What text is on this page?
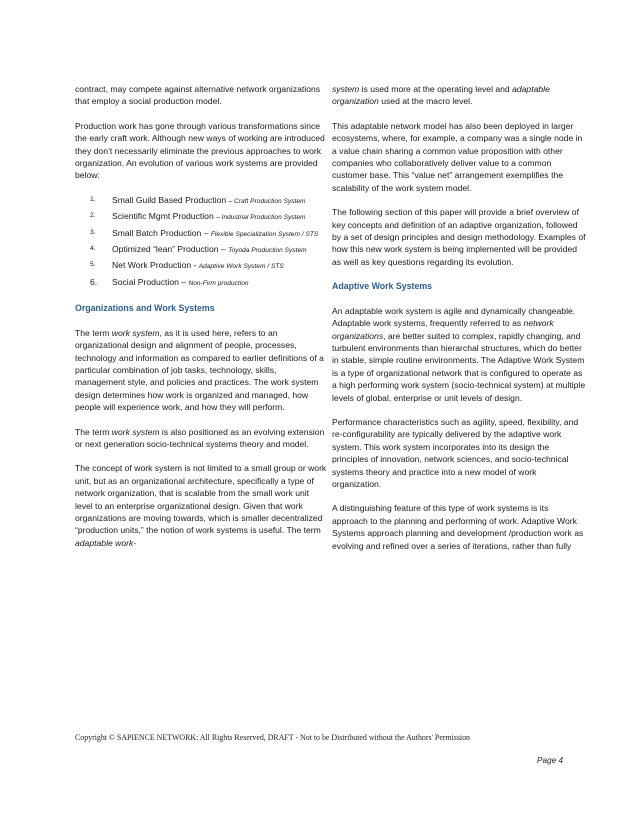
contract, may compete against alternative network organizations that employ a social production model.

Production work has gone through various transformations since the early craft work. Although new ways of working are introduced they don’t necessarily eliminate the previous approaches to work organization. An evolution of various work systems are provided below:

1. Small Guild Based Production – Craft Production System
2. Scientific Mgmt Production – Industrial Production System
3. Small Batch Production – Flexible Specialization System / STS
4. Optimized “lean” Production – Toyoda Production System
5. Net Work Production - Adaptive Work System / STS
6. Social Production – Non-Firm production
Organizations and Work Systems

The term work system, as it is used here, refers to an organizational design and alignment of people, processes, technology and information as compared to earlier definitions of a particular combination of job tasks, technology, skills, management style, and policies and practices. The work system design determines how work is organized and managed, how people will experience work, and how they will perform.

The term work system is also positioned as an evolving extension or next generation socio-technical systems theory and model.

The concept of work system is not limited to a small group or work unit, but as an organizational architecture, specifically a type of network organization, that is scalable from the small work unit level to an enterprise organizational design. Given that work organizations are moving towards, which is smaller decentralized “production units,” the notion of work systems is useful. The term adaptable work-

system is used more at the operating level and adaptable organization used at the macro level.

This adaptable network model has also been deployed in larger ecosystems, where, for example, a company was a single node in a value chain sharing a common value proposition with other companies who collaboratively deliver value to a common customer base. This “value net” arrangement exemplifies the scalability of the work system model.

The following section of this paper will provide a brief overview of key concepts and definition of an adaptive organization, followed by a set of design principles and design methodology. Examples of how this new work system is being implemented will be provided as well as key questions regarding its evolution.

Adaptive Work Systems

An adaptable work system is agile and dynamically changeable. Adaptable work systems, frequently referred to as network organizations, are better suited to complex, rapidly changing, and turbulent environments than hierarchal structures, which do better in stable, simple routine environments. The Adaptive Work System is a type of organizational network that is configured to operate as a high performing work system (socio-technical system) at multiple levels of global, enterprise or unit levels of design.

Performance characteristics such as agility, speed, flexibility, and re-configurability are typically delivered by the adaptive work system. This work system incorporates into its design the principles of innovation, network sciences, and socio-technical systems theory and practice into a new model of work organization.

A distinguishing feature of this type of work systems is its approach to the planning and performing of work. Adaptive Work Systems approach planning and development /production work as evolving and refined over a series of iterations, rather than fully

Copyright © SAPIENCE NETWORK: All Rights Reserved, DRAFT - Not to be Distributed without the Authors' Permission
Page 4
